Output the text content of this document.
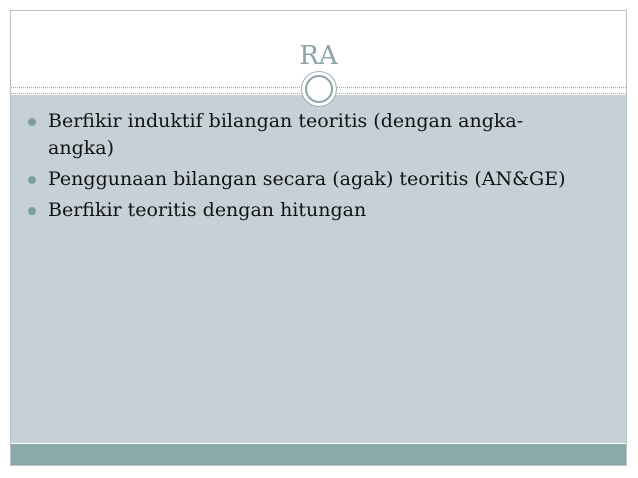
RA
Berfikir induktif bilangan teoritis (dengan angka-angka)
Penggunaan bilangan secara (agak) teoritis (AN&GE)
Berfikir teoritis dengan hitungan
